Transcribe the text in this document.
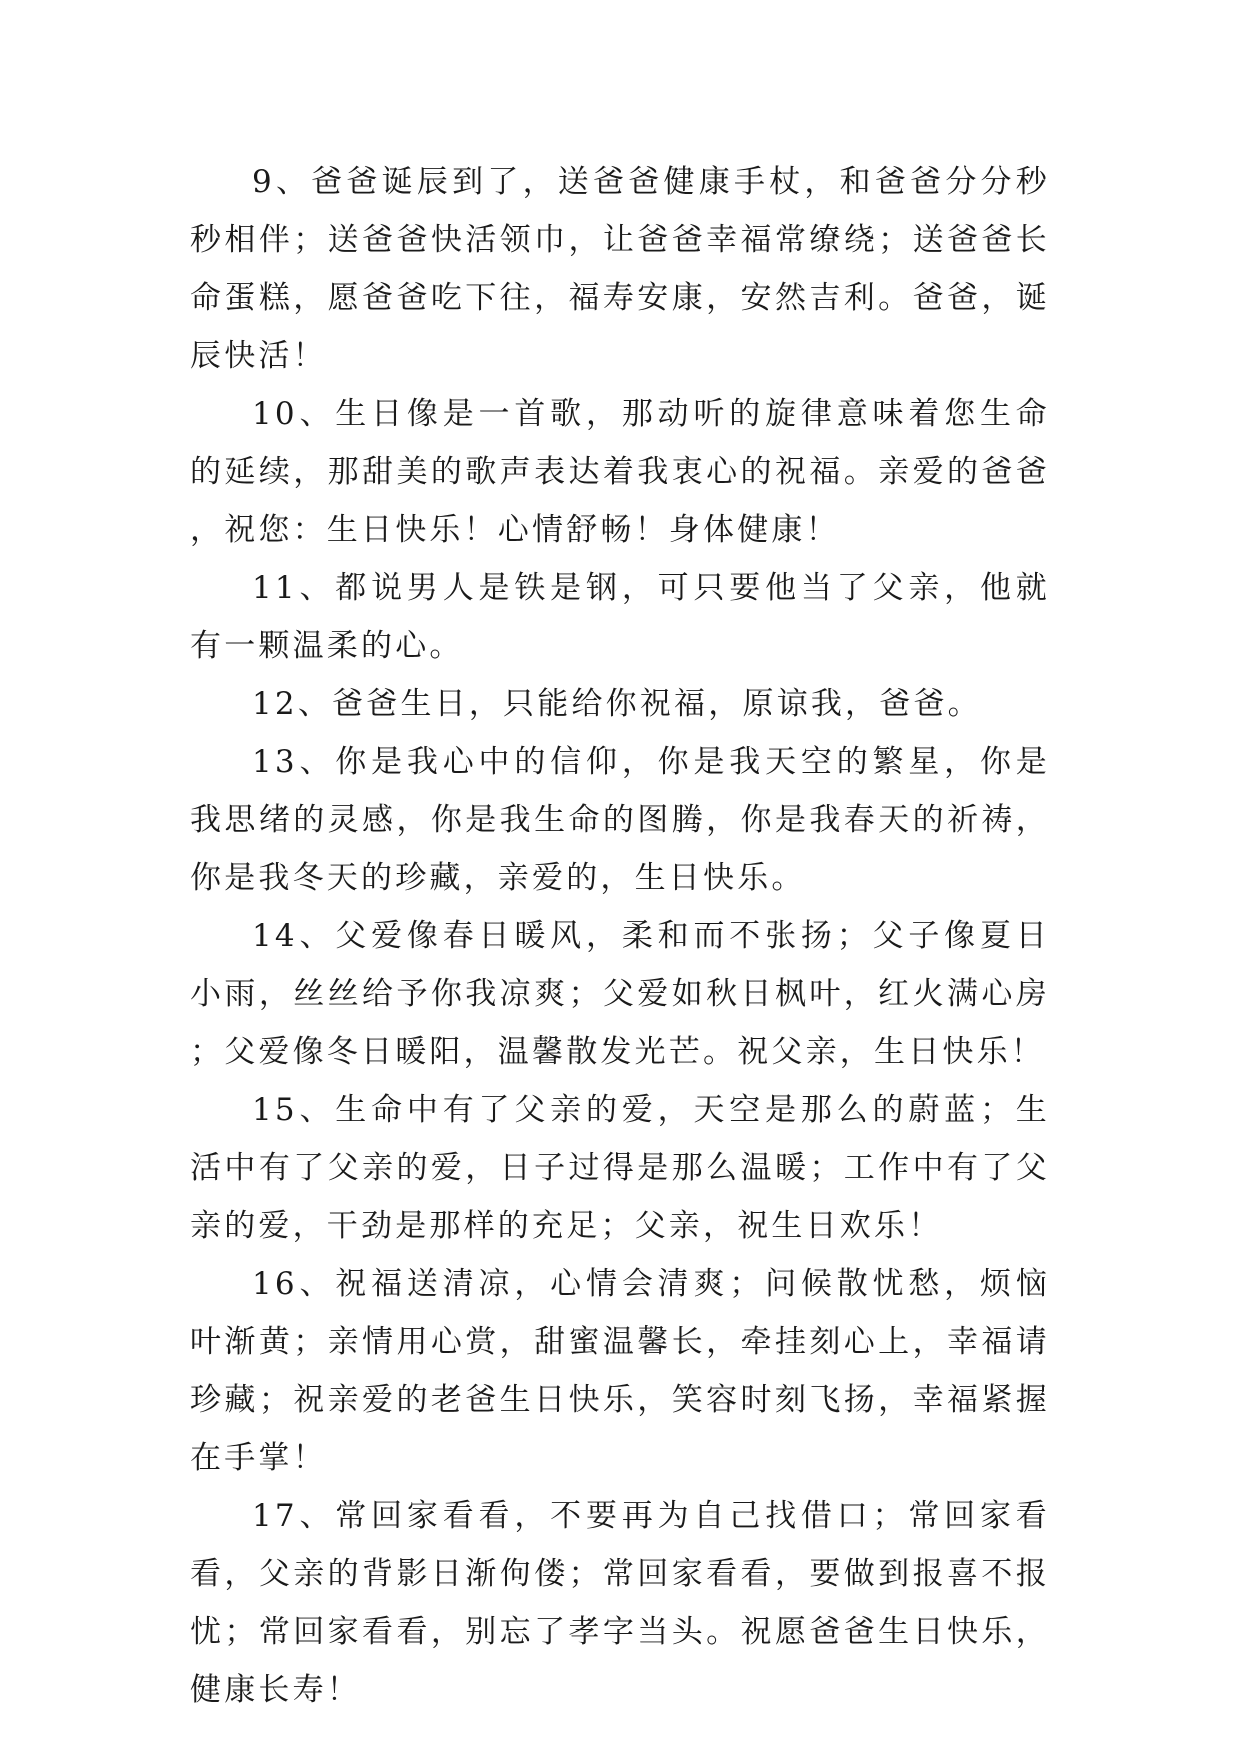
9、爸爸诞辰到了，送爸爸健康手杖，和爸爸分分秒秒相伴；送爸爸快活领巾，让爸爸幸福常缭绕；送爸爸长命蛋糕，愿爸爸吃下往，福寿安康，安然吉利。爸爸，诞辰快活！

10、生日像是一首歌，那动听的旋律意味着您生命的延续，那甜美的歌声表达着我衷心的祝福。亲爱的爸爸，祝您：生日快乐！心情舒畅！身体健康！

11、都说男人是铁是钢，可只要他当了父亲，他就有一颗温柔的心。

12、爸爸生日，只能给你祝福，原谅我，爸爸。

13、你是我心中的信仰，你是我天空的繁星，你是我思绪的灵感，你是我生命的图腾，你是我春天的祈祷，你是我冬天的珍藏，亲爱的，生日快乐。

14、父爱像春日暖风，柔和而不张扬；父子像夏日小雨，丝丝给予你我凉爽；父爱如秋日枫叶，红火满心房；父爱像冬日暖阳，温馨散发光芒。祝父亲，生日快乐！

15、生命中有了父亲的爱，天空是那么的蔚蓝；生活中有了父亲的爱，日子过得是那么温暖；工作中有了父亲的爱，干劲是那样的充足；父亲，祝生日欢乐！

16、祝福送清凉，心情会清爽；问候散忧愁，烦恼叶渐黄；亲情用心赏，甜蜜温馨长，牵挂刻心上，幸福请珍藏；祝亲爱的老爸生日快乐，笑容时刻飞扬，幸福紧握在手掌！

17、常回家看看，不要再为自己找借口；常回家看看，父亲的背影日渐佝偻；常回家看看，要做到报喜不报忧；常回家看看，别忘了孝字当头。祝愿爸爸生日快乐，健康长寿！
